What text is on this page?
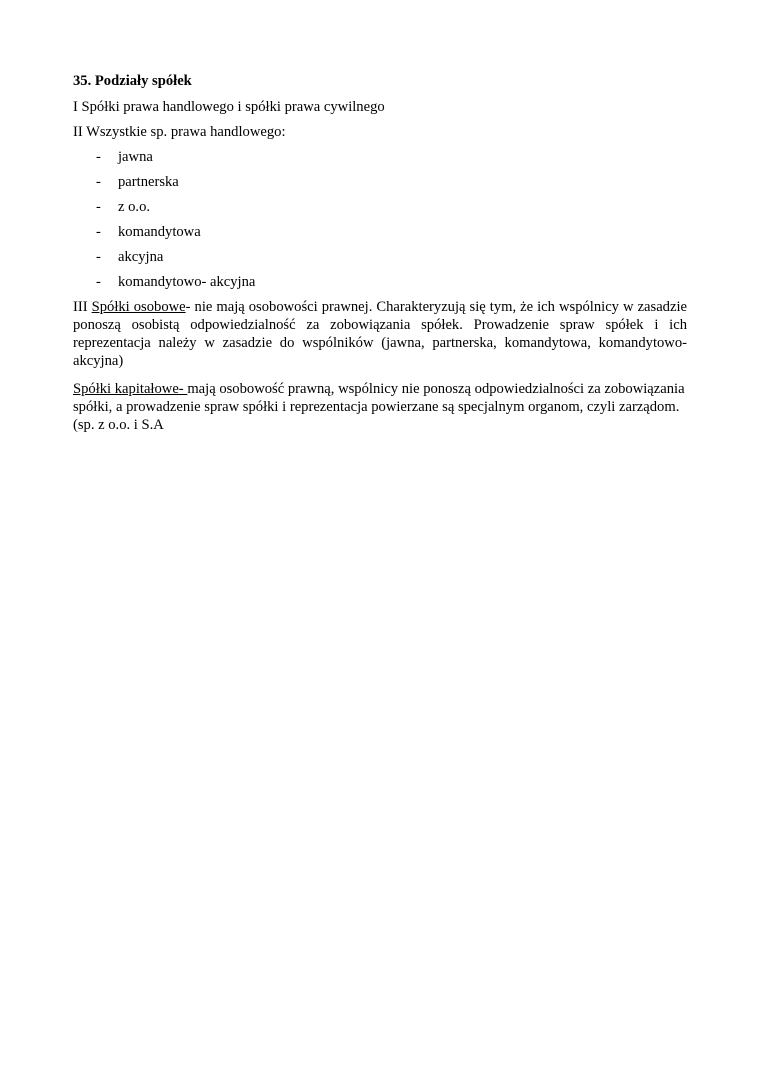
35. Podziały spółek
I Spółki prawa handlowego i spółki prawa cywilnego
II Wszystkie sp. prawa handlowego:
- jawna
- partnerska
- z o.o.
- komandytowa
- akcyjna
- komandytowo- akcyjna

III Spółki osobowe- nie mają osobowości prawnej. Charakteryzują się tym, że ich wspólnicy w zasadzie ponoszą osobistą odpowiedzialność za zobowiązania spółek. Prowadzenie spraw spółek i ich reprezentacja należy w zasadzie do wspólników (jawna, partnerska, komandytowa, komandytowo- akcyjna)

Spółki kapitałowe- mają osobowość prawną, wspólnicy nie ponoszą odpowiedzialności za zobowiązania spółki, a prowadzenie spraw spółki i reprezentacja powierzane są specjalnym organom, czyli zarządom.(sp. z o.o. i S.A
